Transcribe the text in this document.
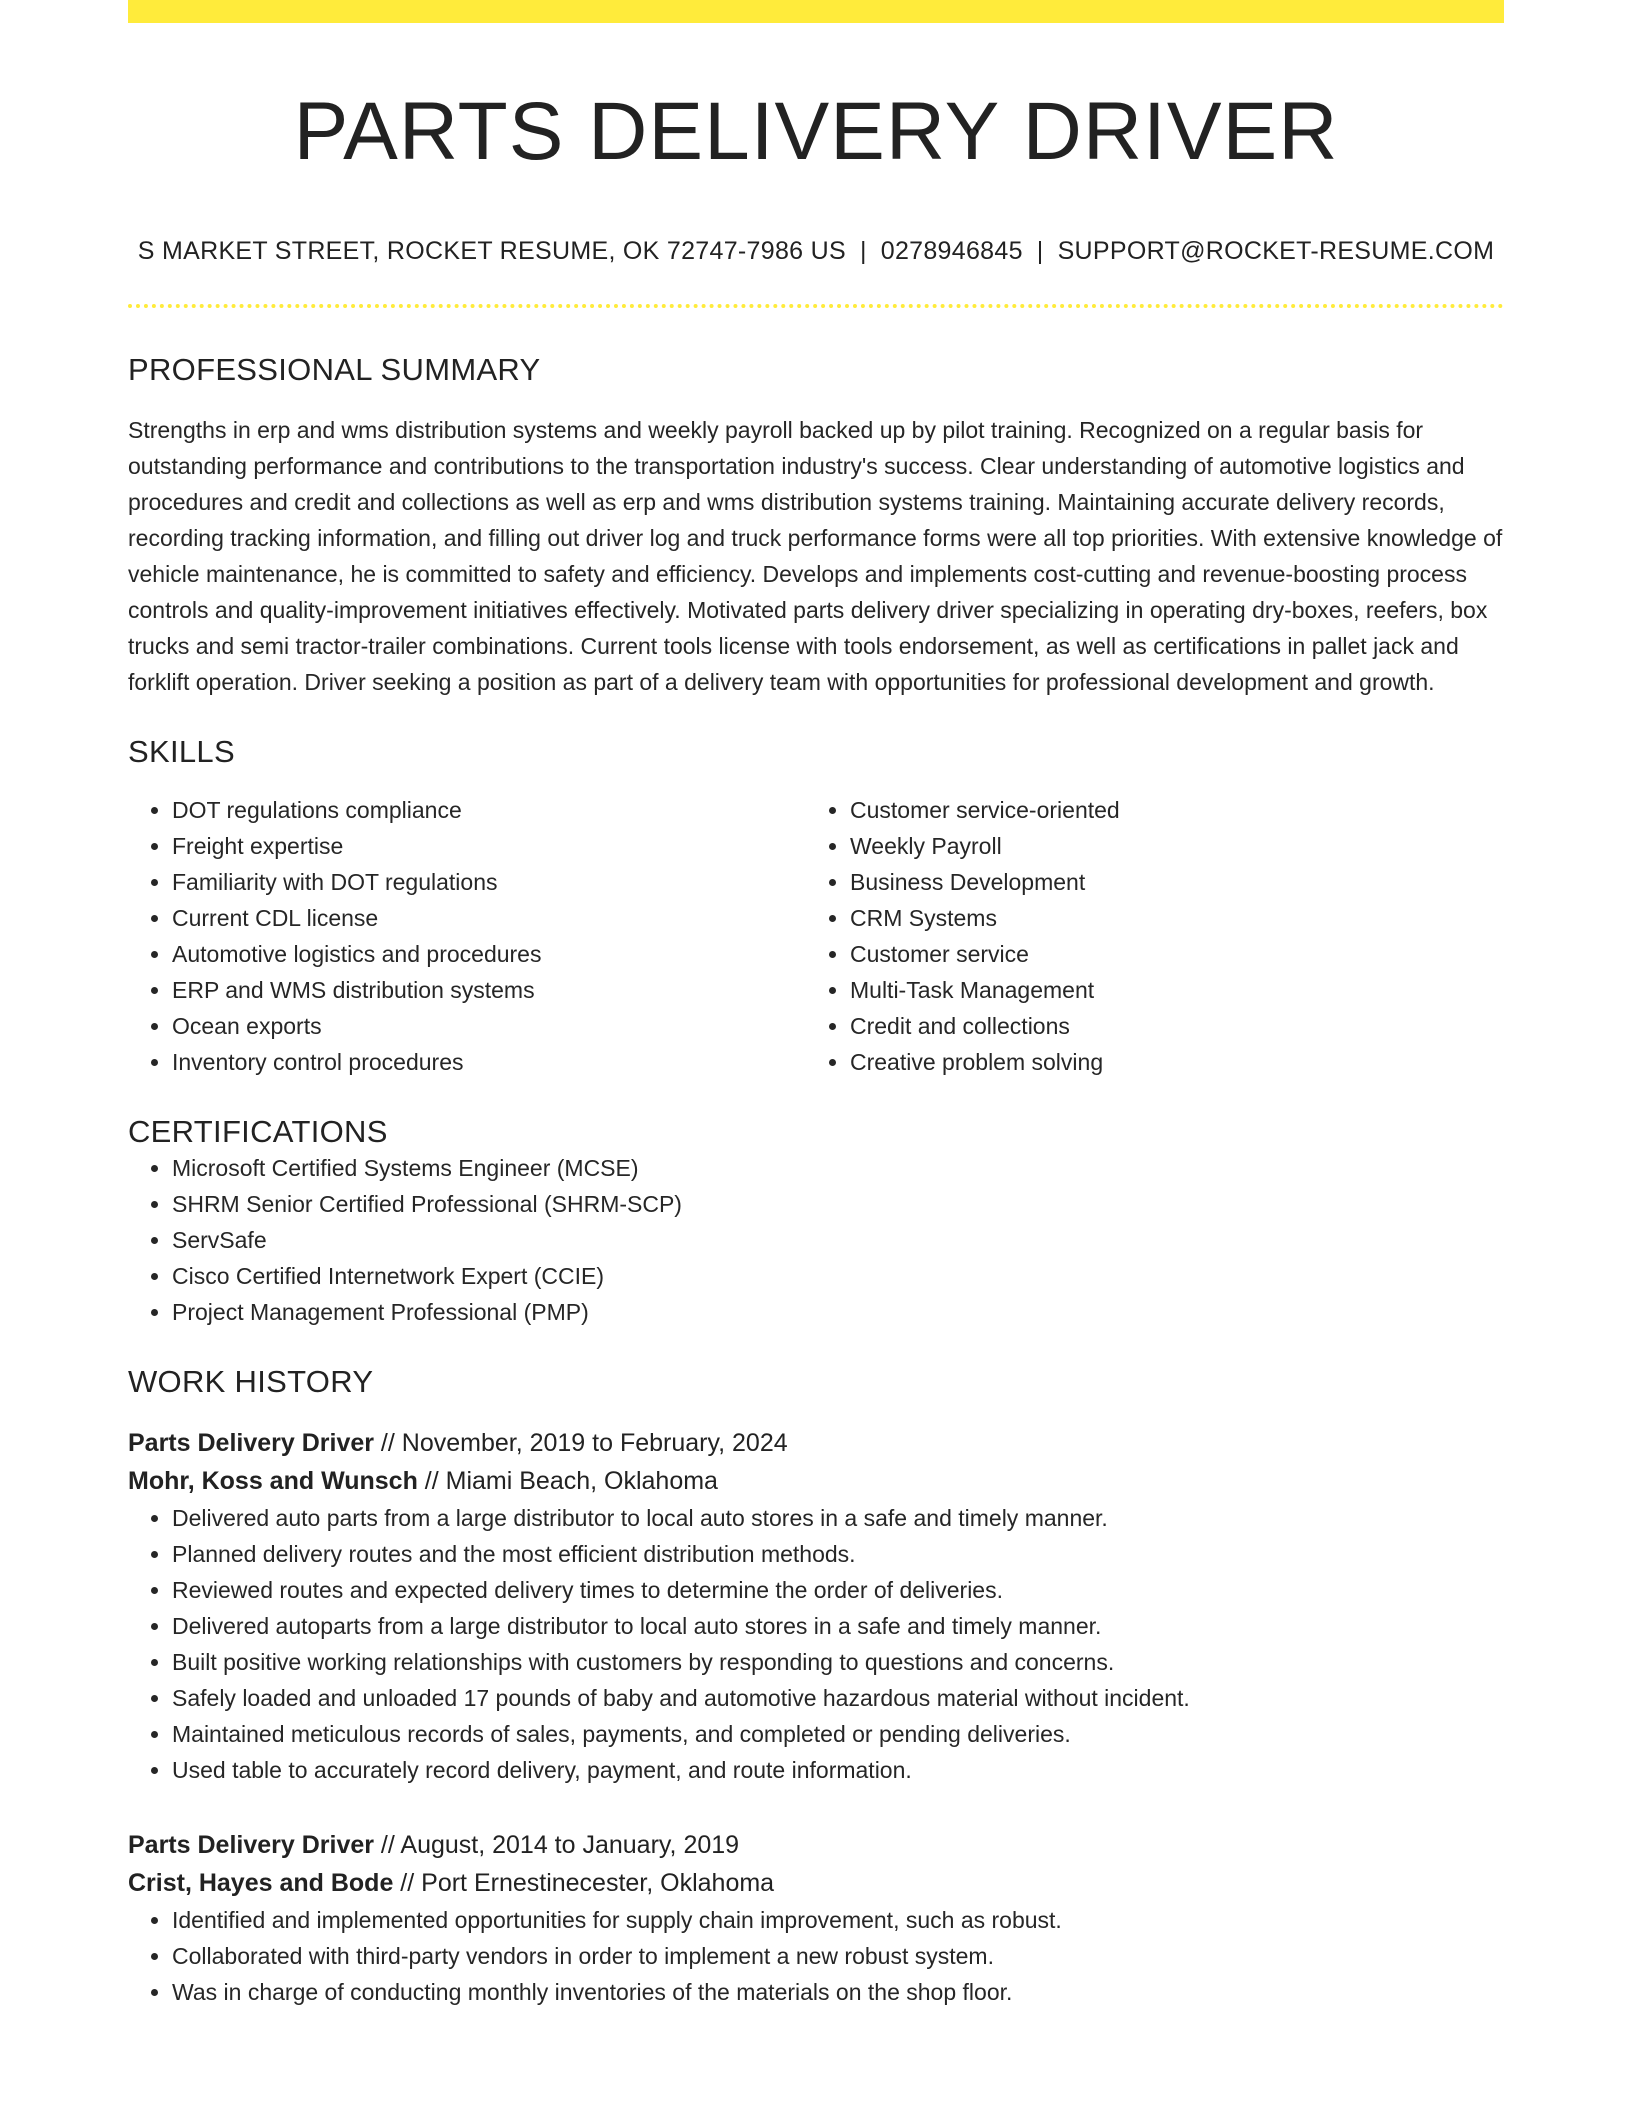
PARTS DELIVERY DRIVER
S MARKET STREET, ROCKET RESUME, OK 72747-7986 US | 0278946845 | SUPPORT@ROCKET-RESUME.COM
PROFESSIONAL SUMMARY

Strengths in erp and wms distribution systems and weekly payroll backed up by pilot training. Recognized on a regular basis for outstanding performance and contributions to the transportation industry's success. Clear understanding of automotive logistics and procedures and credit and collections as well as erp and wms distribution systems training. Maintaining accurate delivery records, recording tracking information, and filling out driver log and truck performance forms were all top priorities. With extensive knowledge of vehicle maintenance, he is committed to safety and efficiency. Develops and implements cost-cutting and revenue-boosting process controls and quality-improvement initiatives effectively. Motivated parts delivery driver specializing in operating dry-boxes, reefers, box trucks and semi tractor-trailer combinations. Current tools license with tools endorsement, as well as certifications in pallet jack and forklift operation. Driver seeking a position as part of a delivery team with opportunities for professional development and growth.

SKILLS
• DOT regulations compliance
• Freight expertise
• Familiarity with DOT regulations
• Current CDL license
• Automotive logistics and procedures
• ERP and WMS distribution systems
• Ocean exports
• Inventory control procedures
• Customer service-oriented
• Weekly Payroll
• Business Development
• CRM Systems
• Customer service
• Multi-Task Management
• Credit and collections
• Creative problem solving
CERTIFICATIONS
• Microsoft Certified Systems Engineer (MCSE)
• SHRM Senior Certified Professional (SHRM-SCP)
• ServSafe
• Cisco Certified Internetwork Expert (CCIE)
• Project Management Professional (PMP)
WORK HISTORY
Parts Delivery Driver // November, 2019 to February, 2024
Mohr, Koss and Wunsch // Miami Beach, Oklahoma
• Delivered auto parts from a large distributor to local auto stores in a safe and timely manner.
• Planned delivery routes and the most efficient distribution methods.
• Reviewed routes and expected delivery times to determine the order of deliveries.
• Delivered autoparts from a large distributor to local auto stores in a safe and timely manner.
• Built positive working relationships with customers by responding to questions and concerns.
• Safely loaded and unloaded 17 pounds of baby and automotive hazardous material without incident.
• Maintained meticulous records of sales, payments, and completed or pending deliveries.
• Used table to accurately record delivery, payment, and route information.
Parts Delivery Driver // August, 2014 to January, 2019
Crist, Hayes and Bode // Port Ernestinecester, Oklahoma
• Identified and implemented opportunities for supply chain improvement, such as robust.
• Collaborated with third-party vendors in order to implement a new robust system.
• Was in charge of conducting monthly inventories of the materials on the shop floor.
